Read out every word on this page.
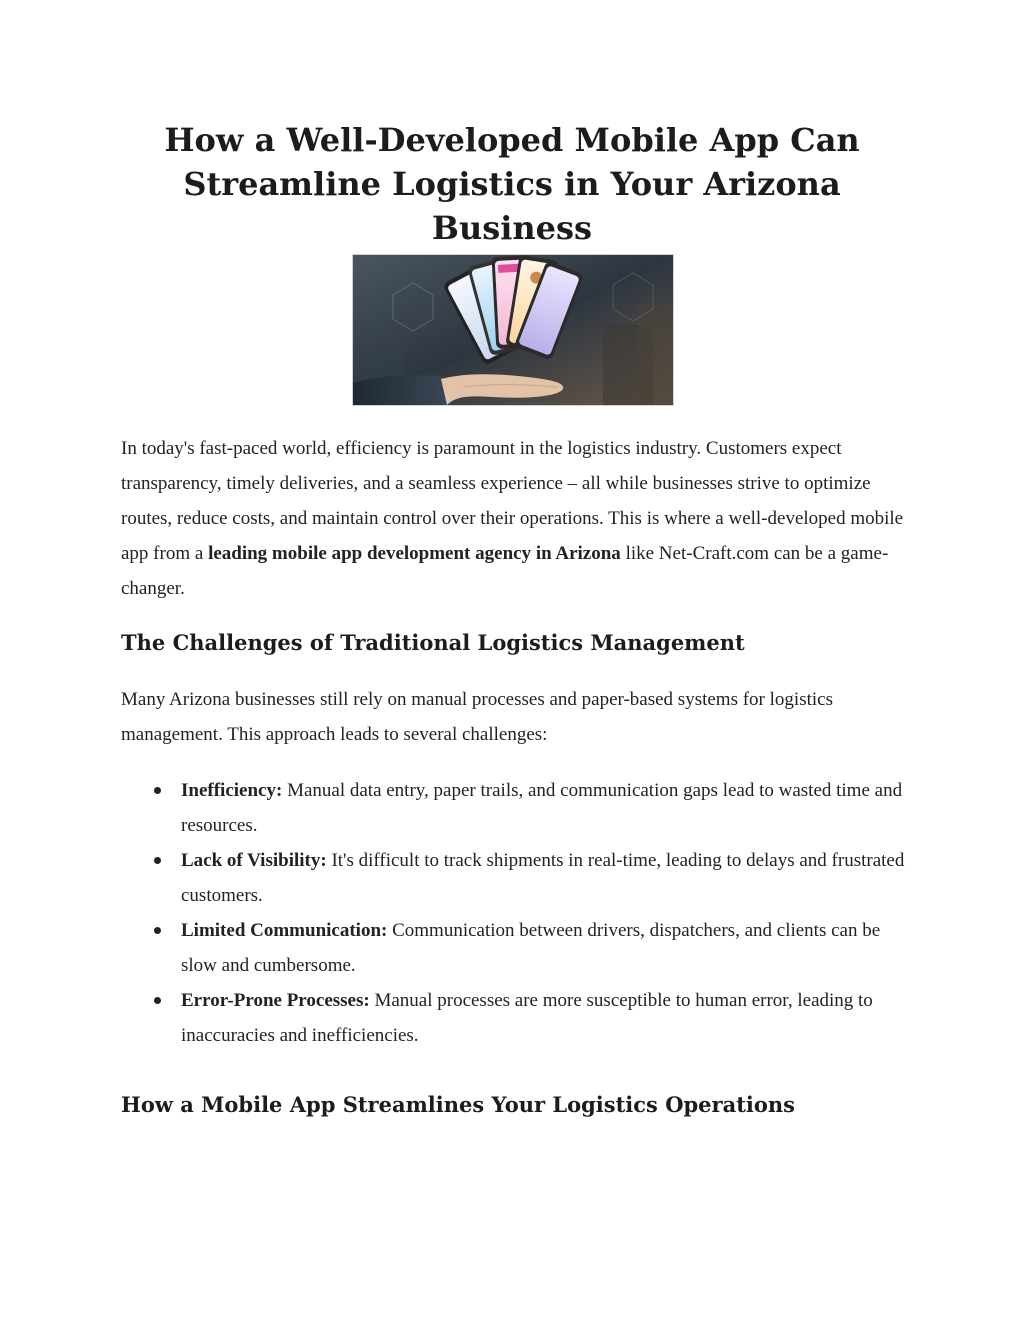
How a Well-Developed Mobile App Can Streamline Logistics in Your Arizona Business

In today's fast-paced world, efficiency is paramount in the logistics industry. Customers expect transparency, timely deliveries, and a seamless experience – all while businesses strive to optimize routes, reduce costs, and maintain control over their operations. This is where a well-developed mobile app from a leading mobile app development agency in Arizona like Net-Craft.com can be a game-changer.

The Challenges of Traditional Logistics Management

Many Arizona businesses still rely on manual processes and paper-based systems for logistics management. This approach leads to several challenges:

Inefficiency: Manual data entry, paper trails, and communication gaps lead to wasted time and resources.
Lack of Visibility: It's difficult to track shipments in real-time, leading to delays and frustrated customers.
Limited Communication: Communication between drivers, dispatchers, and clients can be slow and cumbersome.
Error-Prone Processes: Manual processes are more susceptible to human error, leading to inaccuracies and inefficiencies.
How a Mobile App Streamlines Your Logistics Operations
